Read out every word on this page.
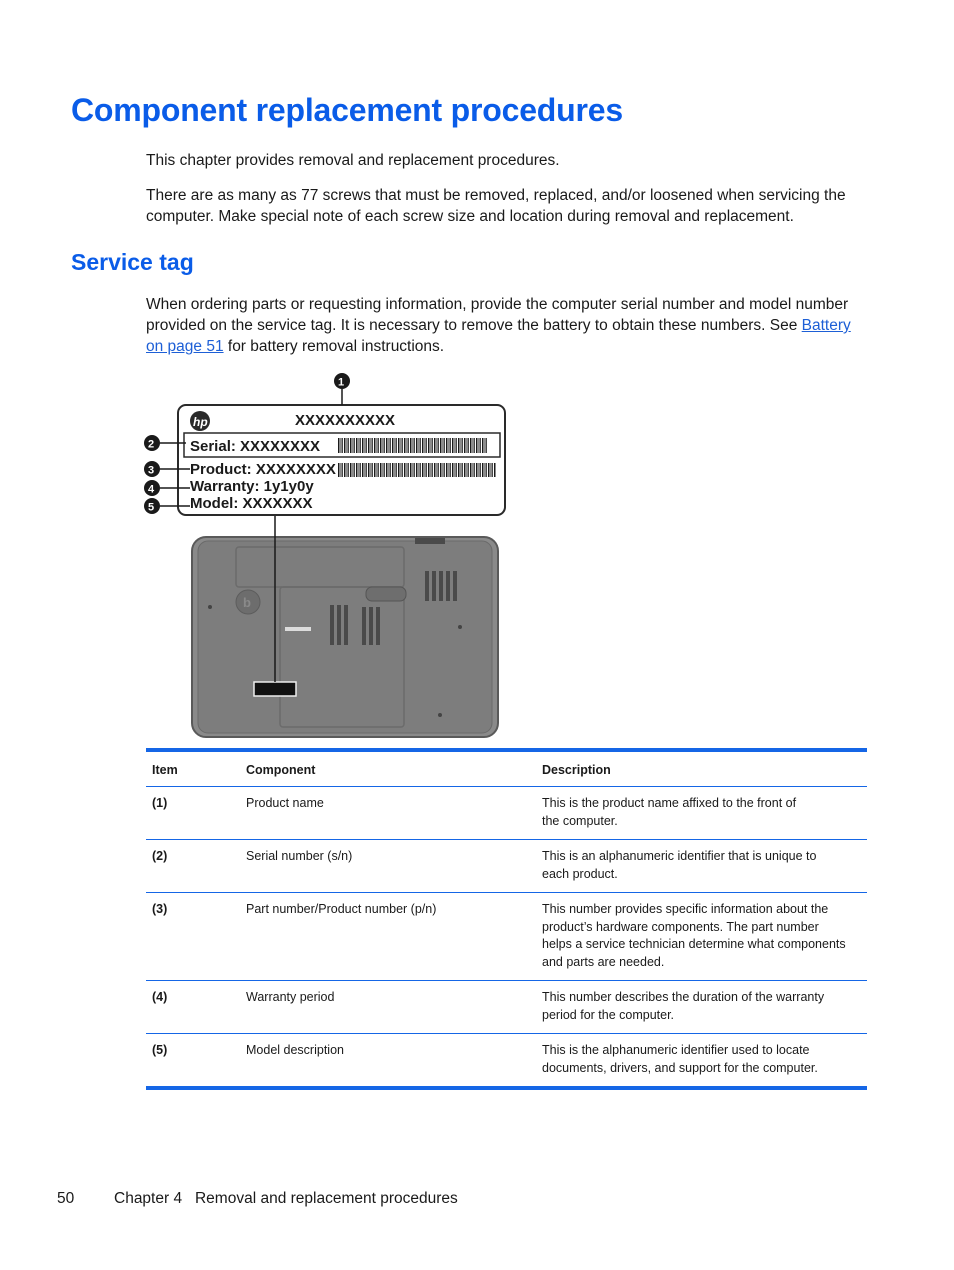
Component replacement procedures

This chapter provides removal and replacement procedures.

There are as many as 77 screws that must be removed, replaced, and/or loosened when servicing the computer. Make special note of each screw size and location during removal and replacement.

Service tag

When ordering parts or requesting information, provide the computer serial number and model number provided on the service tag. It is necessary to remove the battery to obtain these numbers. See Battery on page 51 for battery removal instructions.

b
hp	XXXXXXXXXX
Serial: XXXXXXXX
Product: XXXXXXXX
Warranty: 1y1y0y
Model: XXXXXXX
1
2
3
4
5
Item	Component	Description
(1)	Product name	This is the product name affixed to the front of the computer.
(2)	Serial number (s/n)	This is an alphanumeric identifier that is unique to each product.
(3)	Part number/Product number (p/n)	This number provides specific information about the product’s hardware components. The part number helps a service technician determine what components and parts are needed.
(4)	Warranty period	This number describes the duration of the warranty period for the computer.
(5)	Model description	This is the alphanumeric identifier used to locate documents, drivers, and support for the computer.
50	Chapter 4   Removal and replacement procedures
